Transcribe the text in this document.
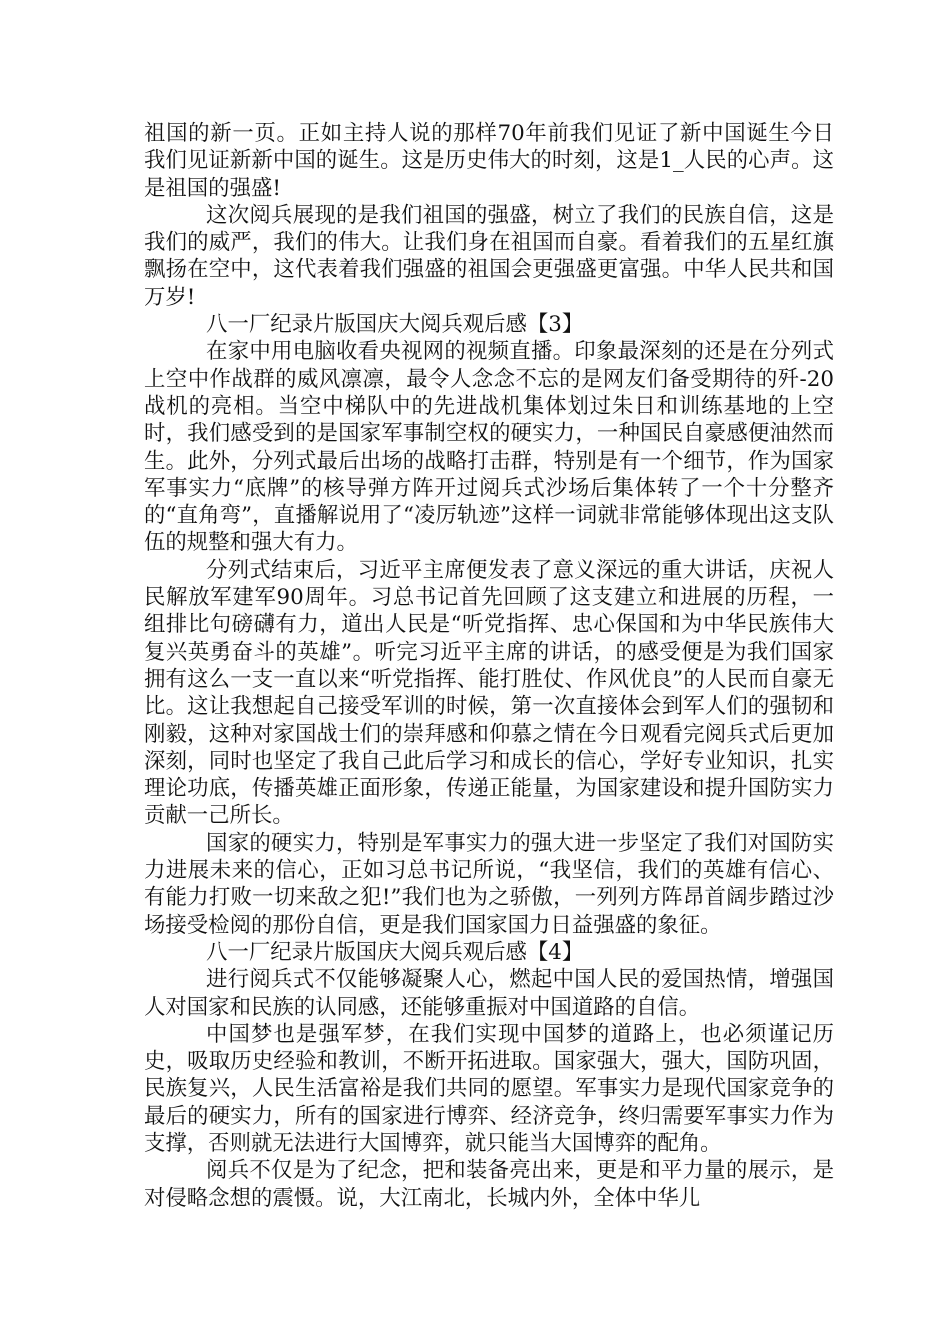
祖国的新一页。正如主持人说的那样70年前我们见证了新中国诞生今日我们见证新新中国的诞生。这是历史伟大的时刻，这是1_人民的心声。这是祖国的强盛!

这次阅兵展现的是我们祖国的强盛，树立了我们的民族自信，这是我们的威严，我们的伟大。让我们身在祖国而自豪。看着我们的五星红旗飘扬在空中，这代表着我们强盛的祖国会更强盛更富强。中华人民共和国万岁!

八一厂纪录片版国庆大阅兵观后感【3】

在家中用电脑收看央视网的视频直播。印象最深刻的还是在分列式上空中作战群的威风凛凛，最令人念念不忘的是网友们备受期待的歼-20战机的亮相。当空中梯队中的先进战机集体划过朱日和训练基地的上空时，我们感受到的是国家军事制空权的硬实力，一种国民自豪感便油然而生。此外，分列式最后出场的战略打击群，特别是有一个细节，作为国家军事实力“底牌”的核导弹方阵开过阅兵式沙场后集体转了一个十分整齐的“直角弯”，直播解说用了“凌厉轨迹”这样一词就非常能够体现出这支队伍的规整和强大有力。

分列式结束后，习近平主席便发表了意义深远的重大讲话，庆祝人民解放军建军90周年。习总书记首先回顾了这支建立和进展的历程，一组排比句磅礴有力，道出人民是“听党指挥、忠心保国和为中华民族伟大复兴英勇奋斗的英雄”。听完习近平主席的讲话，的感受便是为我们国家拥有这么一支一直以来“听党指挥、能打胜仗、作风优良”的人民而自豪无比。这让我想起自己接受军训的时候，第一次直接体会到军人们的强韧和刚毅，这种对家国战士们的崇拜感和仰慕之情在今日观看完阅兵式后更加深刻，同时也坚定了我自己此后学习和成长的信心，学好专业知识，扎实理论功底，传播英雄正面形象，传递正能量，为国家建设和提升国防实力贡献一己所长。

国家的硬实力，特别是军事实力的强大进一步坚定了我们对国防实力进展未来的信心，正如习总书记所说，“我坚信，我们的英雄有信心、有能力打败一切来敌之犯!”我们也为之骄傲，一列列方阵昂首阔步踏过沙场接受检阅的那份自信，更是我们国家国力日益强盛的象征。

八一厂纪录片版国庆大阅兵观后感【4】

进行阅兵式不仅能够凝聚人心，燃起中国人民的爱国热情，增强国人对国家和民族的认同感，还能够重振对中国道路的自信。

中国梦也是强军梦，在我们实现中国梦的道路上，也必须谨记历史，吸取历史经验和教训，不断开拓进取。国家强大，强大，国防巩固，民族复兴，人民生活富裕是我们共同的愿望。军事实力是现代国家竞争的最后的硬实力，所有的国家进行博弈、经济竞争，终归需要军事实力作为支撑，否则就无法进行大国博弈，就只能当大国博弈的配角。

阅兵不仅是为了纪念，把和装备亮出来，更是和平力量的展示，是对侵略念想的震慑。说，大江南北，长城内外，全体中华儿
